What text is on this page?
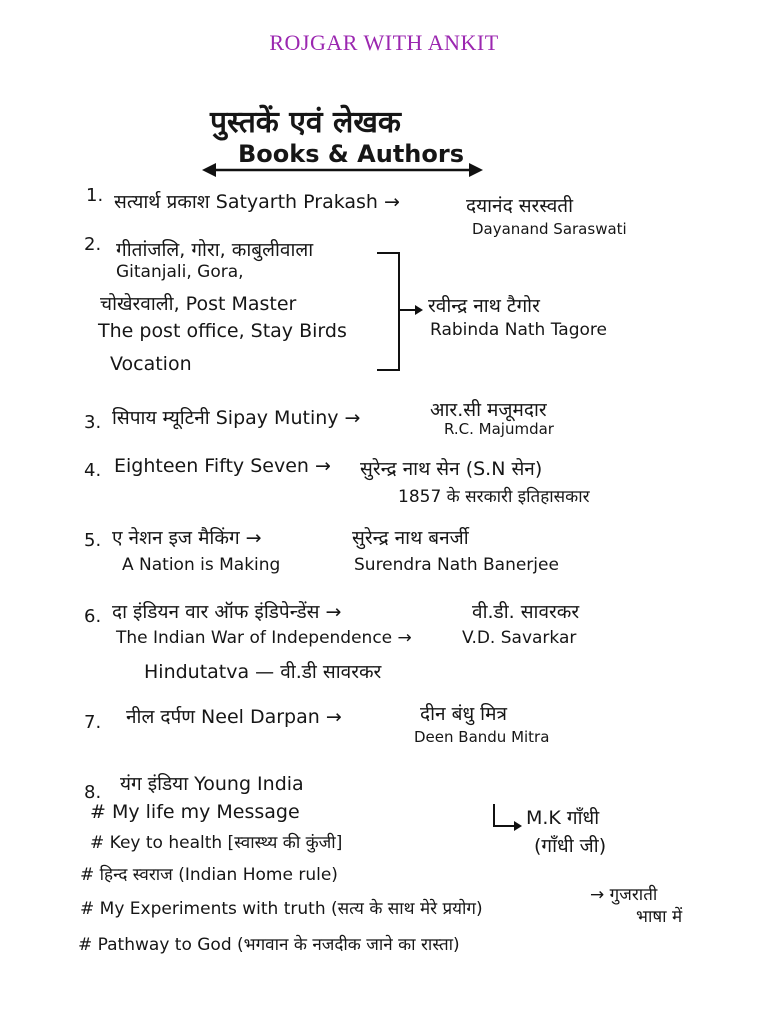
ROJGAR WITH ANKIT
पुस्तकें एवं लेखक
Books & Authors
1. सत्यार्थ प्रकाश Satyarth Prakash →	दयानंद सरस्वती
Dayanand Saraswati
2. गीतांजलि, गोरा, काबुलीवाला
Gitanjali, Gora,
चोखेरवाली, Post Master
The post office, Stay Birds
Vocation
रवीन्द्र नाथ टैगोर
Rabinda Nath Tagore
3. सिपाय म्यूटिनी Sipay Mutiny →	आर.सी मजूमदार
R.C. Majumdar
4. Eighteen Fifty Seven → सुरेन्द्र नाथ सेन (S.N सेन)
1857 के सरकारी इतिहासकार
5. ए नेशन इज मैकिंग →	सुरेन्द्र नाथ बनर्जी
A Nation is Making	Surendra Nath Banerjee
6. दा इंडियन वार ऑफ इंडिपेन्डेंस →	वी.डी. सावरकर
The Indian War of Independence →	V.D. Savarkar
Hindutatva — वी.डी सावरकर
7. नील दर्पण Neel Darpan →	दीन बंधु मित्र
Deen Bandu Mitra
8. यंग इंडिया Young India
# My life my Message
# Key to health [स्वास्थ्य की कुंजी]
# हिन्द स्वराज (Indian Home rule)
# My Experiments with truth (सत्य के साथ मेरे प्रयोग)
# Pathway to God (भगवान के नजदीक जाने का रास्ता)
M.K गाँधी
(गाँधी जी)
→ गुजराती
भाषा में
